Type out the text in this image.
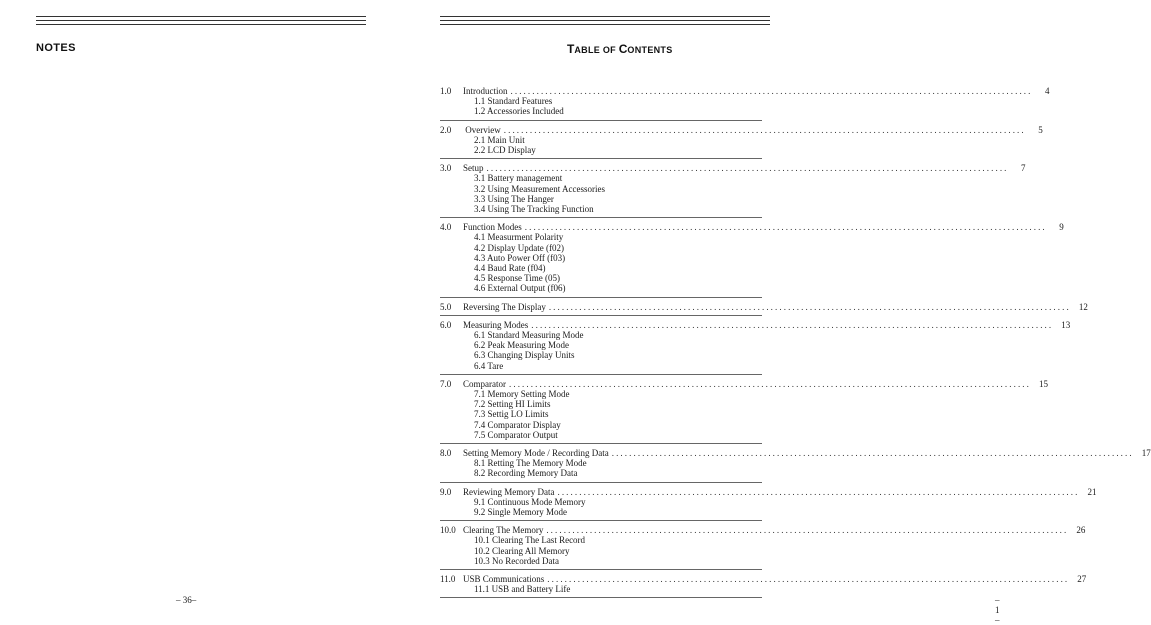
NOTES
– 36–
TABLE OF CONTENTS
1.0 Introduction ........................................................................................................................	4
1.1 Standard Features
1.2 Accessories Included
2.0 Overview ........................................................................................................................	5
2.1 Main Unit
2.2 LCD Display
3.0 Setup ........................................................................................................................	7
3.1 Battery management
3.2 Using Measurement Accessories
3.3 Using The Hanger
3.4 Using The Tracking Function
4.0 Function Modes ........................................................................................................................	9
4.1 Measurment Polarity
4.2 Display Update (f02)
4.3 Auto Power Off (f03)
4.4 Baud Rate (f04)
4.5 Response Time (05)
4.6 External Output (f06)
5.0 Reversing The Display ........................................................................................................................ 12
6.0 Measuring Modes ........................................................................................................................ 13
6.1 Standard Measuring Mode
6.2 Peak Measuring Mode
6.3 Changing Display Units
6.4 Tare
7.0 Comparator ........................................................................................................................ 15
7.1 Memory Setting Mode
7.2 Setting HI Limits
7.3 Settig LO Limits
7.4 Comparator Display
7.5 Comparator Output
8.0 Setting Memory Mode / Recording Data ........................................................................................................................ 17
8.1 Retting The Memory Mode
8.2 Recording Memory Data
9.0 Reviewing Memory Data ........................................................................................................................ 21
9.1 Continuous Mode Memory
9.2 Single Memory Mode
10.0 Clearing The Memory ........................................................................................................................ 26
10.1 Clearing The Last Record
10.2 Clearing All Memory
10.3 No Recorded Data
11.0 USB Communications ........................................................................................................................ 27
11.1 USB and Battery Life
– 1 –
